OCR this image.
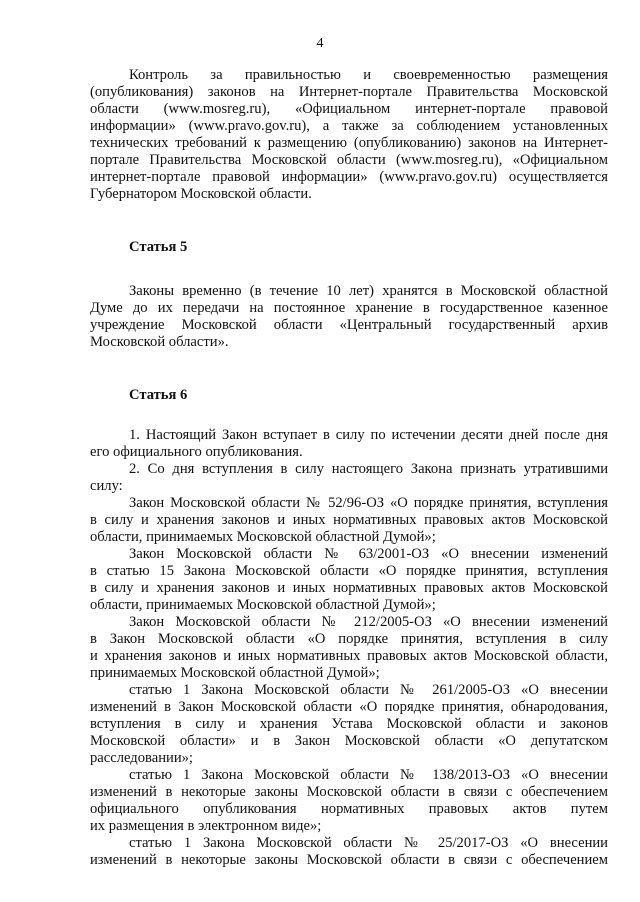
4
Контроль за правильностью и своевременностью размещения
(опубликования) законов на Интернет-портале Правительства Московской
области (www.mosreg.ru), «Официальном интернет-портале правовой
информации» (www.pravo.gov.ru), а также за соблюдением установленных
технических требований к размещению (опубликованию) законов на Интернет-
портале Правительства Московской области (www.mosreg.ru), «Официальном
интернет-портале правовой информации» (www.pravo.gov.ru) осуществляется
Губернатором Московской области.
Статья 5
Законы временно (в течение 10 лет) хранятся в Московской областной
Думе до их передачи на постоянное хранение в государственное казенное
учреждение Московской области «Центральный государственный архив
Московской области».
Статья 6
1. Настоящий Закон вступает в силу по истечении десяти дней после дня
его официального опубликования.
2. Со дня вступления в силу настоящего Закона признать утратившими
силу:
Закон Московской области № 52/96-ОЗ «О порядке принятия, вступления
в силу и хранения законов и иных нормативных правовых актов Московской
области, принимаемых Московской областной Думой»;
Закон Московской области № 63/2001-ОЗ «О внесении изменений
в статью 15 Закона Московской области «О порядке принятия, вступления
в силу и хранения законов и иных нормативных правовых актов Московской
области, принимаемых Московской областной Думой»;
Закон Московской области № 212/2005-ОЗ «О внесении изменений
в Закон Московской области «О порядке принятия, вступления в силу
и хранения законов и иных нормативных правовых актов Московской области,
принимаемых Московской областной Думой»;
статью 1 Закона Московской области № 261/2005-ОЗ «О внесении
изменений в Закон Московской области «О порядке принятия, обнародования,
вступления в силу и хранения Устава Московской области и законов
Московской области» и в Закон Московской области «О депутатском
расследовании»;
статью 1 Закона Московской области № 138/2013-ОЗ «О внесении
изменений в некоторые законы Московской области в связи с обеспечением
официального опубликования нормативных правовых актов путем
их размещения в электронном виде»;
статью 1 Закона Московской области № 25/2017-ОЗ «О внесении
изменений в некоторые законы Московской области в связи с обеспечением
